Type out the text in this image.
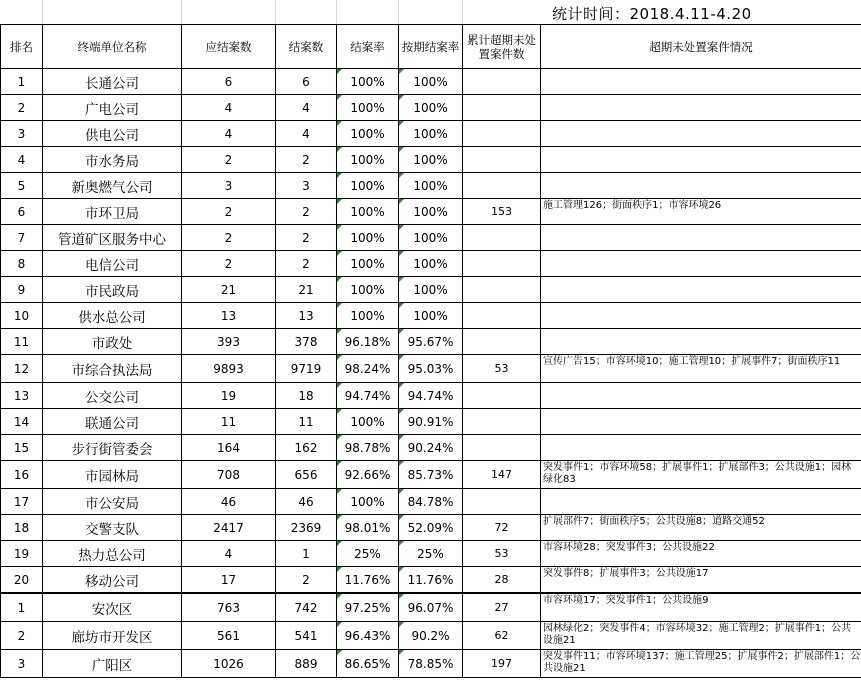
统计时间：2018.4.11-4.20
排名	终端单位名称	应结案数	结案数	结案率	按期结案率	累计超期未处置案件数	超期未处置案件情况
1	长通公司	6	6	100%	100%		
2	广电公司	4	4	100%	100%		
3	供电公司	4	4	100%	100%		
4	市水务局	2	2	100%	100%		
5	新奥燃气公司	3	3	100%	100%		
6	市环卫局	2	2	100%	100%	153	施工管理126；街面秩序1；市容环境26
7	管道矿区服务中心	2	2	100%	100%		
8	电信公司	2	2	100%	100%		
9	市民政局	21	21	100%	100%		
10	供水总公司	13	13	100%	100%		
11	市政处	393	378	96.18%	95.67%		
12	市综合执法局	9893	9719	98.24%	95.03%	53	宣传广告15；市容环境10；施工管理10；扩展事件7；街面秩序11
13	公交公司	19	18	94.74%	94.74%		
14	联通公司	11	11	100%	90.91%		
15	步行街管委会	164	162	98.78%	90.24%		
16	市园林局	708	656	92.66%	85.73%	147	突发事件1；市容环境58；扩展事件1；扩展部件3；公共设施1；园林绿化83
17	市公安局	46	46	100%	84.78%		
18	交警支队	2417	2369	98.01%	52.09%	72	扩展部件7；街面秩序5；公共设施8；道路交通52
19	热力总公司	4	1	25%	25%	53	市容环境28；突发事件3；公共设施22
20	移动公司	17	2	11.76%	11.76%	28	突发事件8；扩展事件3；公共设施17
1	安次区	763	742	97.25%	96.07%	27	市容环境17；突发事件1；公共设施9
2	廊坊市开发区	561	541	96.43%	90.2%	62	园林绿化2；突发事件4；市容环境32；施工管理2；扩展事件1；公共设施21
3	广阳区	1026	889	86.65%	78.85%	197	突发事件11；市容环境137；施工管理25；扩展事件2；扩展部件1；公共设施21
